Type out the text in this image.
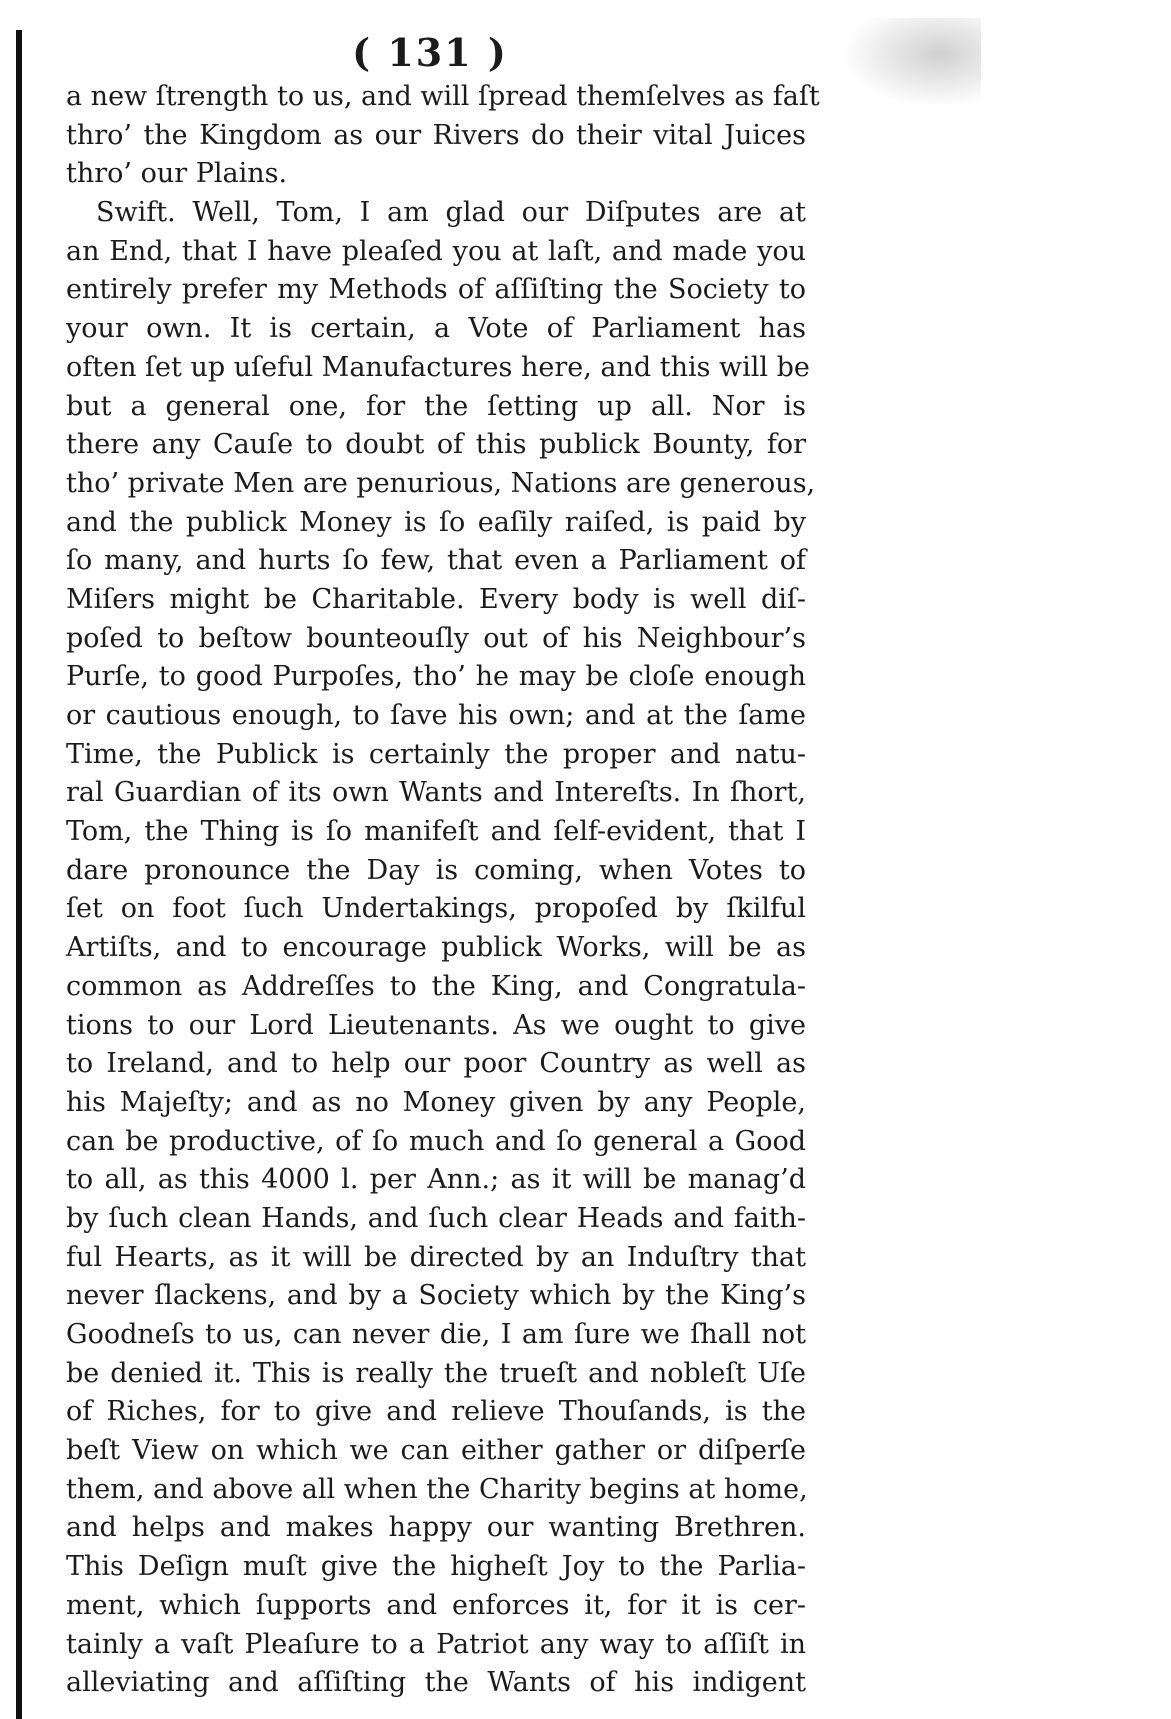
( 131 )
a new ſtrength to us, and will ſpread themſelves as faſt
thro’ the Kingdom as our Rivers do their vital Juices
thro’ our Plains.
Swift. Well, Tom, I am glad our Diſputes are at
an End, that I have pleaſed you at laſt, and made you
entirely prefer my Methods of aſſiſting the Society to
your own. It is certain, a Vote of Parliament has
often ſet up uſeful Manufactures here, and this will be
but a general one, for the ſetting up all. Nor is
there any Cauſe to doubt of this publick Bounty, for
tho’ private Men are penurious, Nations are generous,
and the publick Money is ſo eaſily raiſed, is paid by
ſo many, and hurts ſo few, that even a Parliament of
Miſers might be Charitable. Every body is well diſ-
poſed to beſtow bounteouſly out of his Neighbour’s
Purſe, to good Purpoſes, tho’ he may be cloſe enough
or cautious enough, to ſave his own; and at the ſame
Time, the Publick is certainly the proper and natu-
ral Guardian of its own Wants and Intereſts. In ſhort,
Tom, the Thing is ſo manifeſt and ſelf-evident, that I
dare pronounce the Day is coming, when Votes to
ſet on foot ſuch Undertakings, propoſed by ſkilful
Artiſts, and to encourage publick Works, will be as
common as Addreſſes to the King, and Congratula-
tions to our Lord Lieutenants. As we ought to give
to Ireland, and to help our poor Country as well as
his Majeſty; and as no Money given by any People,
can be productive, of ſo much and ſo general a Good
to all, as this 4000 l. per Ann.; as it will be manag’d
by ſuch clean Hands, and ſuch clear Heads and faith-
ful Hearts, as it will be directed by an Induſtry that
never ſlackens, and by a Society which by the King’s
Goodneſs to us, can never die, I am ſure we ſhall not
be denied it. This is really the trueſt and nobleſt Uſe
of Riches, for to give and relieve Thouſands, is the
beſt View on which we can either gather or diſperſe
them, and above all when the Charity begins at home,
and helps and makes happy our wanting Brethren.
This Deſign muſt give the higheſt Joy to the Parlia-
ment, which ſupports and enforces it, for it is cer-
tainly a vaſt Pleaſure to a Patriot any way to aſſiſt in
alleviating and aſſiſting the Wants of his indigent
